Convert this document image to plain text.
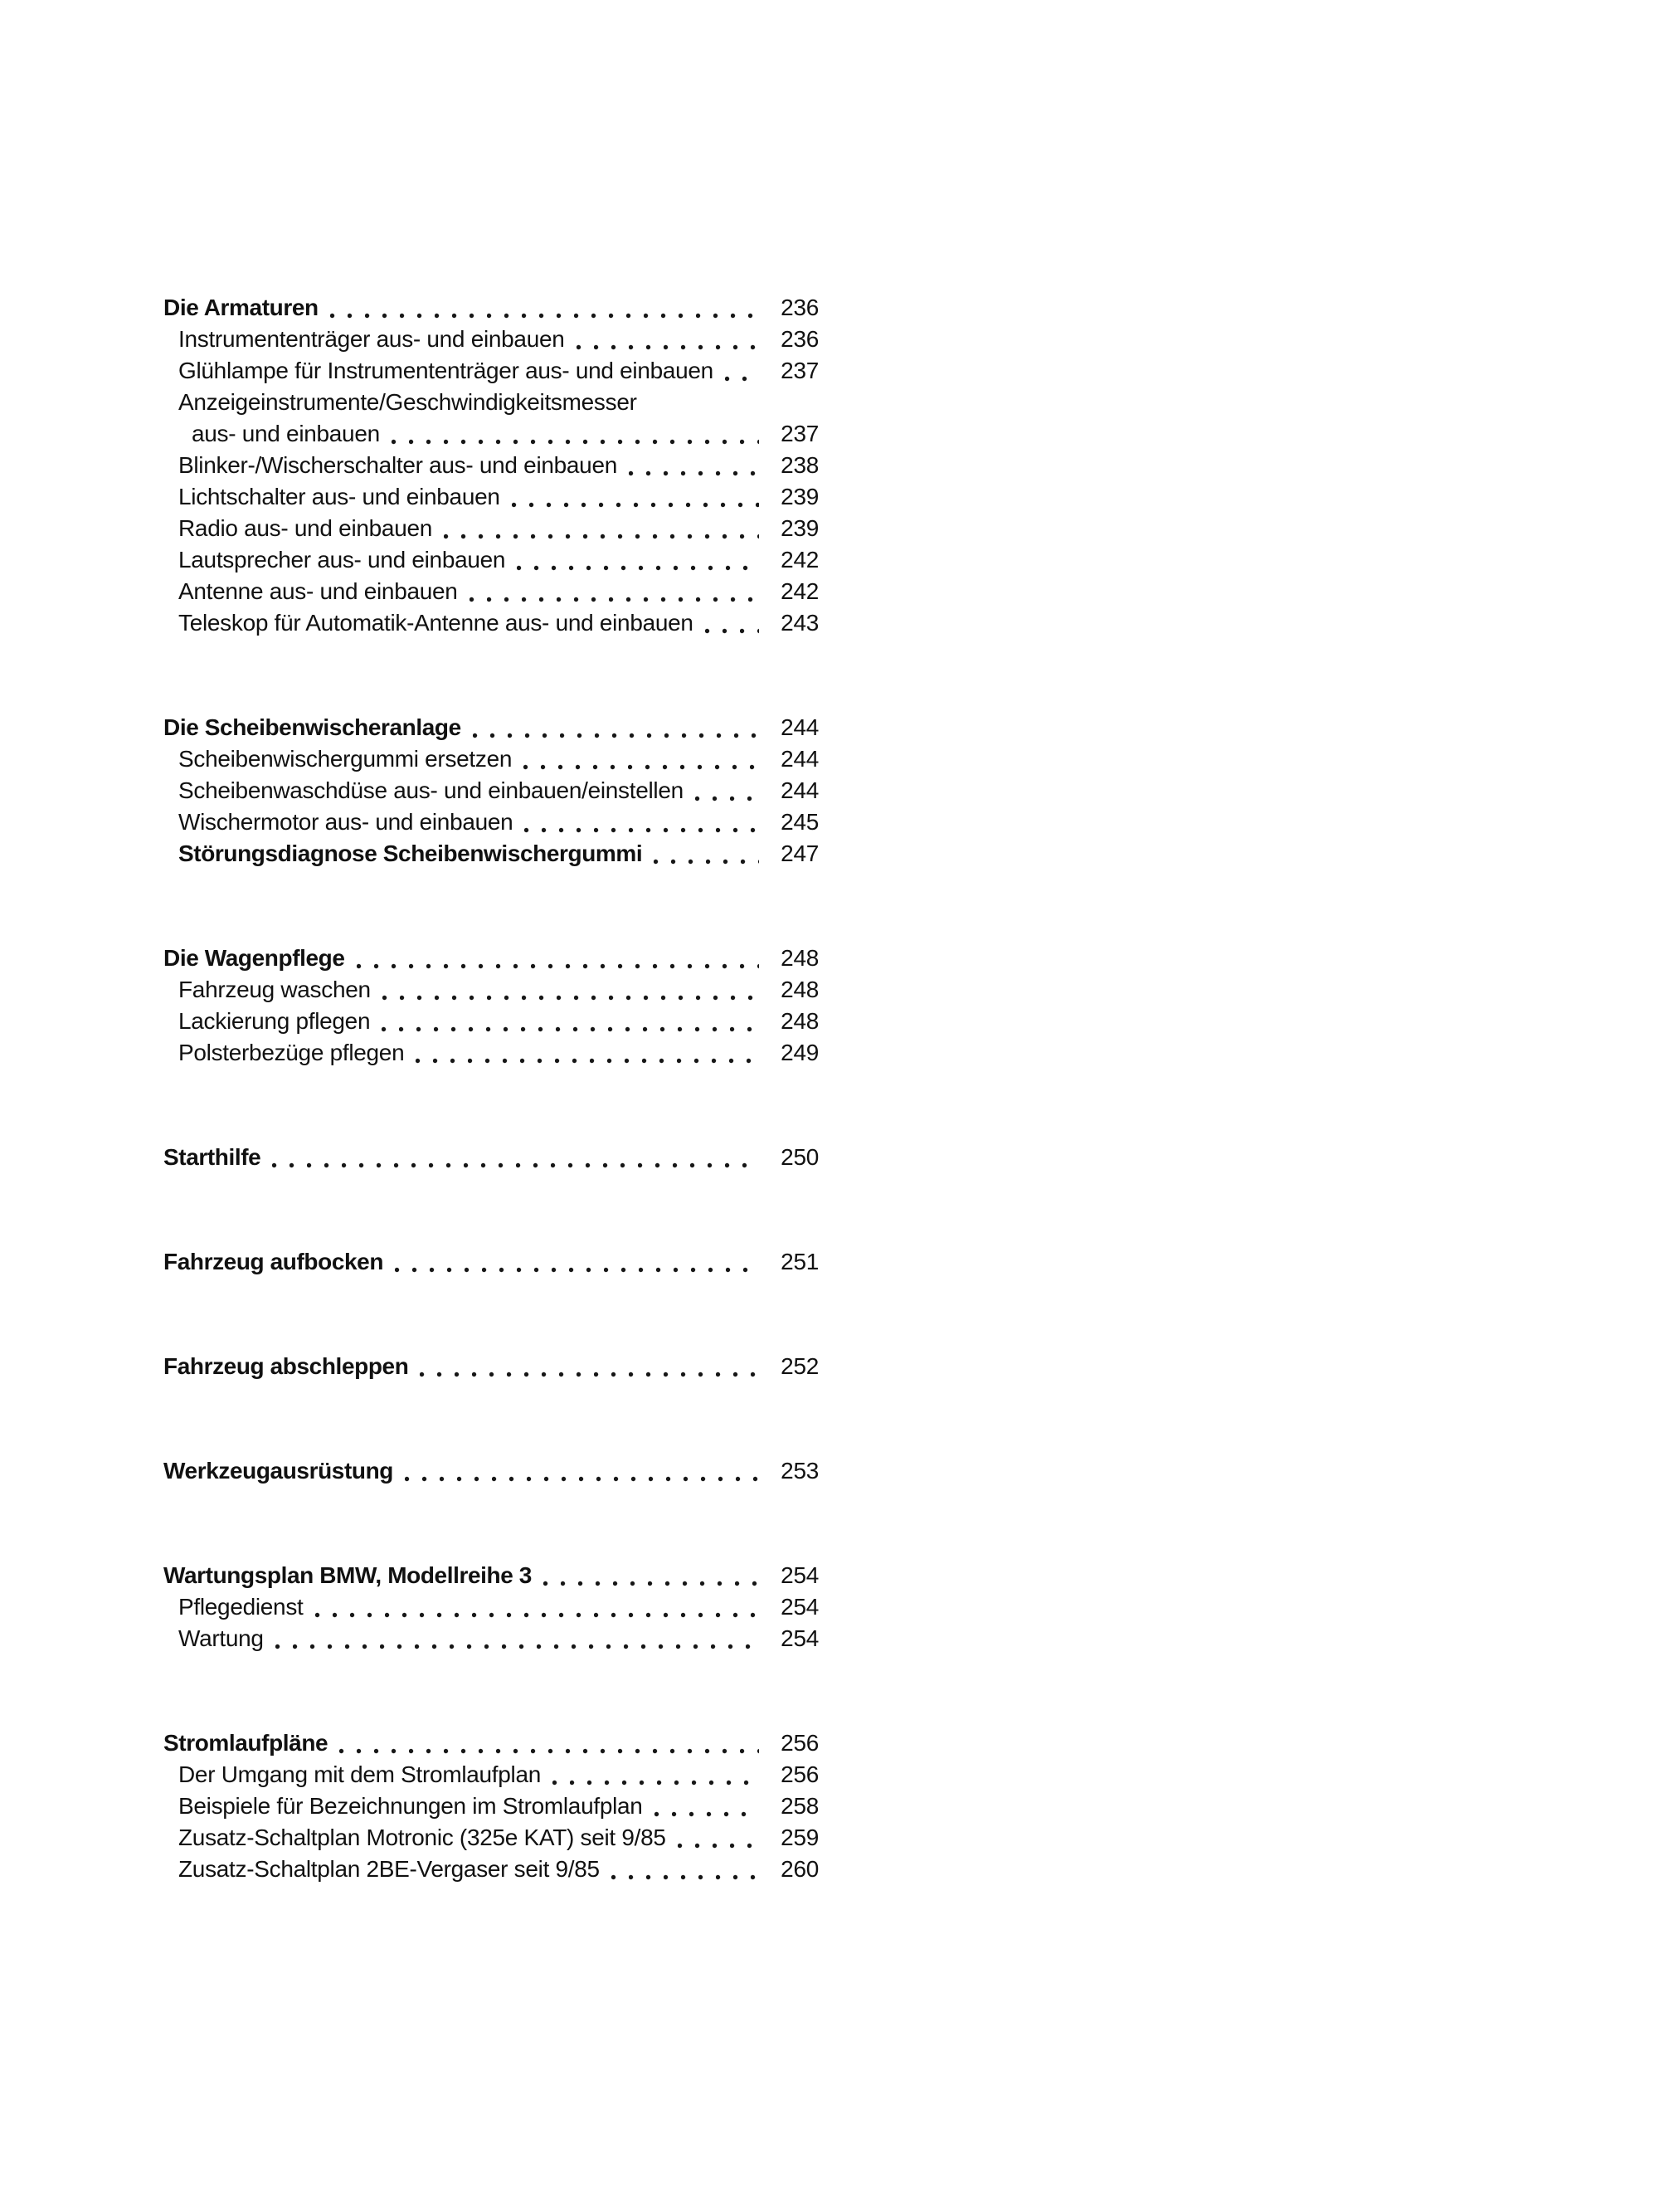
Die Armaturen	236
Instrumententräger aus- und einbauen	236
Glühlampe für Instrumententräger aus- und einbauen	237
Anzeigeinstrumente/Geschwindigkeitsmesser
aus- und einbauen	237
Blinker-/Wischerschalter aus- und einbauen	238
Lichtschalter aus- und einbauen	239
Radio aus- und einbauen	239
Lautsprecher aus- und einbauen	242
Antenne aus- und einbauen	242
Teleskop für Automatik-Antenne aus- und einbauen	243
Die Scheibenwischeranlage	244
Scheibenwischergummi ersetzen	244
Scheibenwaschdüse aus- und einbauen/einstellen	244
Wischermotor aus- und einbauen	245
Störungsdiagnose Scheibenwischergummi	247
Die Wagenpflege	248
Fahrzeug waschen	248
Lackierung pflegen	248
Polsterbezüge pflegen	249
Starthilfe	250
Fahrzeug aufbocken	251
Fahrzeug abschleppen	252
Werkzeugausrüstung	253
Wartungsplan BMW, Modellreihe 3	254
Pflegedienst	254
Wartung	254
Stromlaufpläne	256
Der Umgang mit dem Stromlaufplan	256
Beispiele für Bezeichnungen im Stromlaufplan	258
Zusatz-Schaltplan Motronic (325e KAT) seit 9/85	259
Zusatz-Schaltplan 2BE-Vergaser seit 9/85	260
